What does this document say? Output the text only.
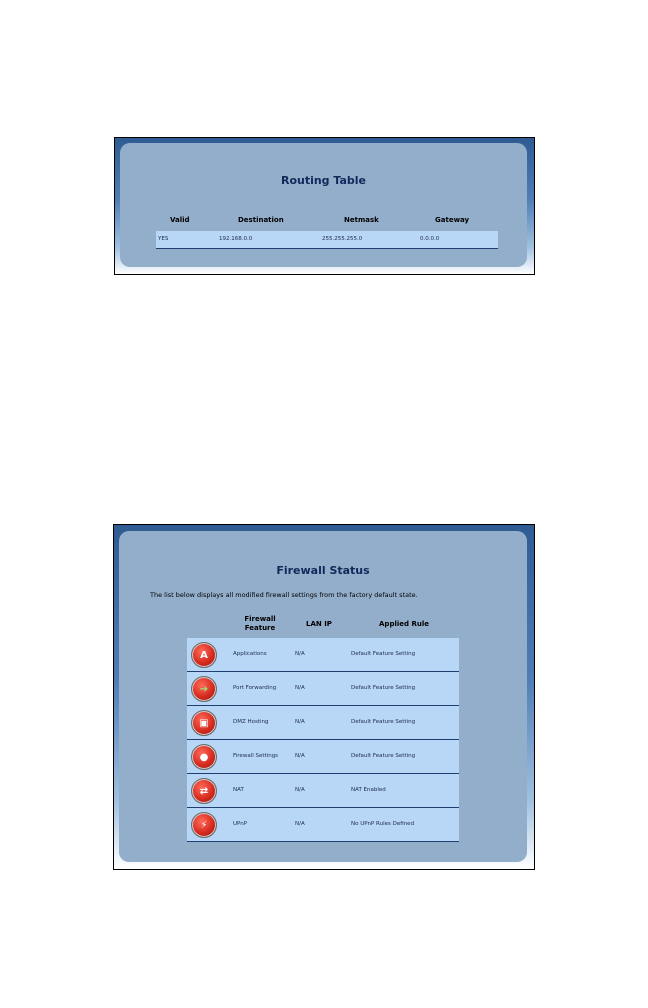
Routing Table
Valid	Destination	Netmask	Gateway
YES	192.168.0.0	255.255.255.0	0.0.0.0
Firewall Status
The list below displays all modified firewall settings from the factory default state.
Firewall
Feature	LAN IP	Applied Rule
A	Applications	N/A	Default Feature Setting
➔	Port Forwarding	N/A	Default Feature Setting
▣	DMZ Hosting	N/A	Default Feature Setting
●	Firewall Settings	N/A	Default Feature Setting
⇄	NAT	N/A	NAT Enabled
⚡	UPnP	N/A	No UPnP Rules Defined
